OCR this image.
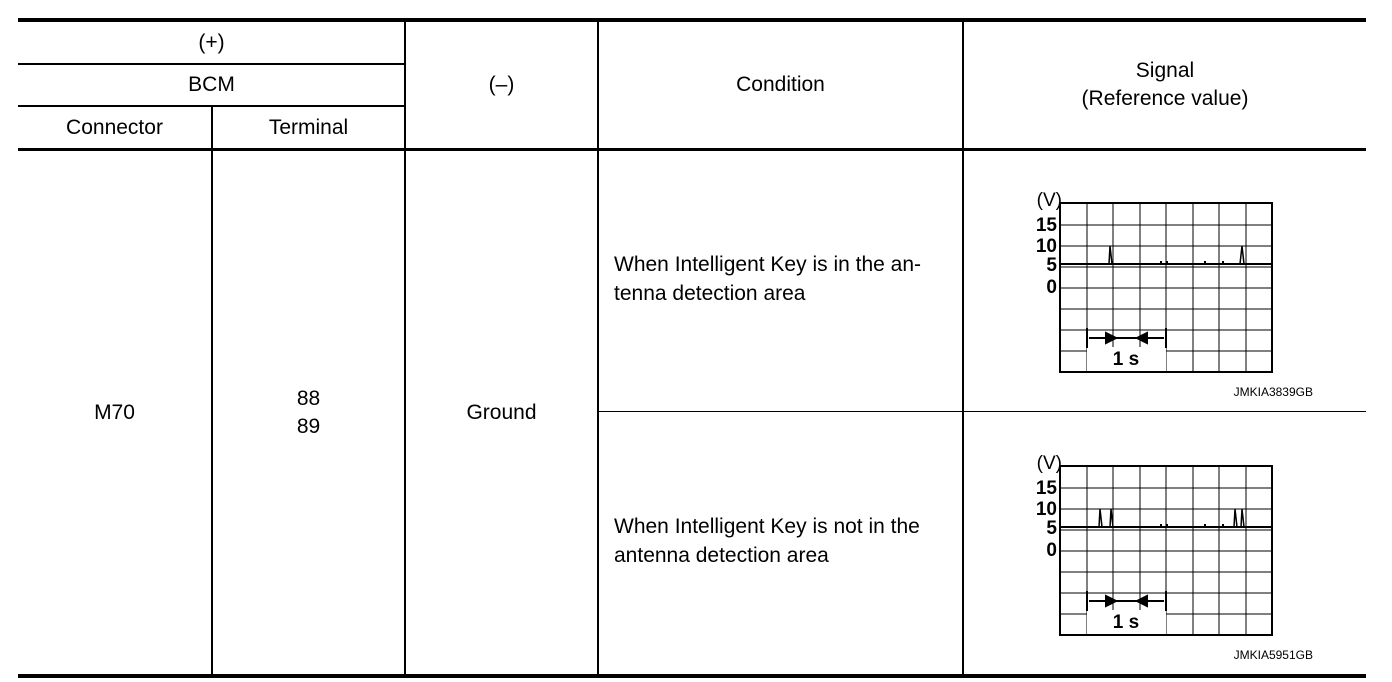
(+)
BCM
Connector	Terminal
(–)	Condition
Signal
(Reference value)
M70
88
89
Ground
When Intelligent Key is in the an-
tenna detection area
When Intelligent Key is not in the
antenna detection area
(V)
15
10
5
0
1 s
JMKIA3839GB
(V)
15
10
5
0
1 s
JMKIA5951GB
